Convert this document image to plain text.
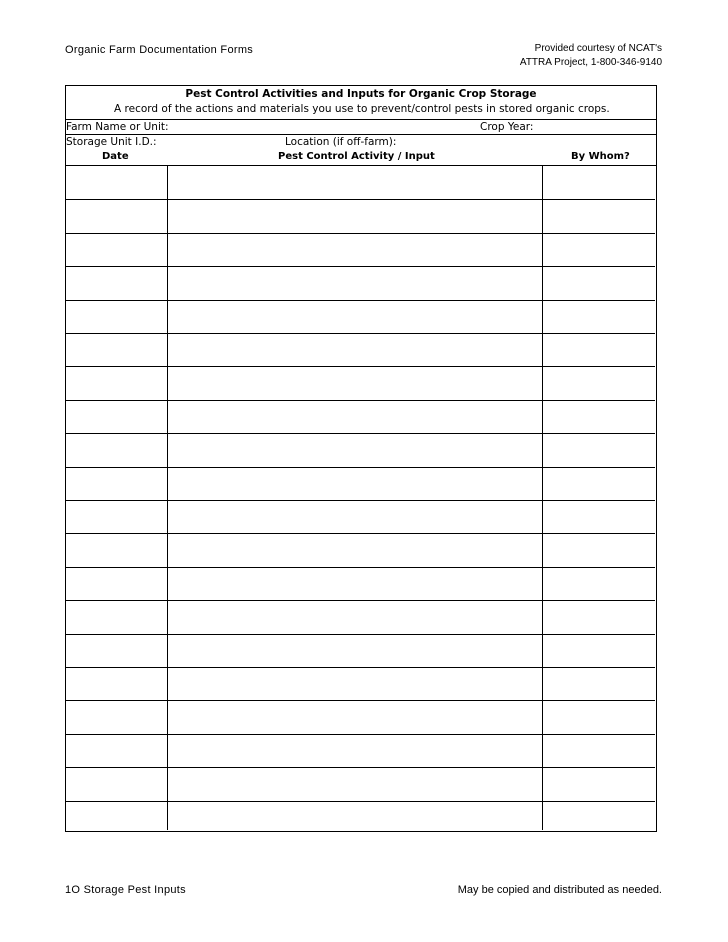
Organic Farm Documentation Forms	Provided courtesy of NCAT's
ATTRA Project, 1-800-346-9140
Pest Control Activities and Inputs for Organic Crop Storage
A record of the actions and materials you use to prevent/control pests in stored organic crops.
Farm Name or Unit:	Crop Year:
Storage Unit I.D.:	Location (if off-farm):
Date	Pest Control Activity / Input	By Whom?
1O Storage Pest Inputs	May be copied and distributed as needed.
